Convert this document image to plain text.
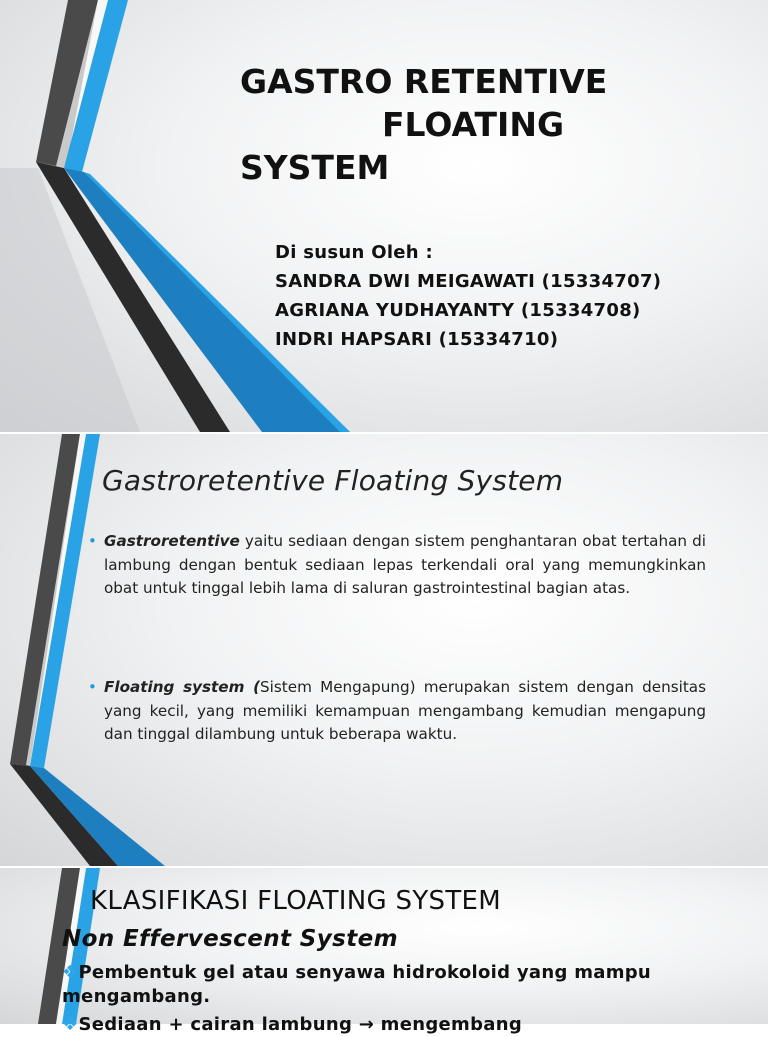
GASTRO RETENTIVE
FLOATING
SYSTEM
Di susun Oleh :
SANDRA DWI MEIGAWATI (15334707)
AGRIANA YUDHAYANTY (15334708)
INDRI HAPSARI (15334710)
Gastroretentive Floating System
• Gastroretentive yaitu sediaan dengan sistem penghantaran obat tertahan di lambung dengan bentuk sediaan lepas terkendali oral yang memungkinkan obat untuk tinggal lebih lama di saluran gastrointestinal bagian atas.
• Floating system (Sistem Mengapung) merupakan sistem dengan densitas yang kecil, yang memiliki kemampuan mengambang kemudian mengapung dan tinggal dilambung untuk beberapa waktu.
KLASIFIKASI FLOATING SYSTEM
Non Effervescent System
❖Pembentuk gel atau senyawa hidrokoloid yang mampu mengambang.
❖Sediaan + cairan lambung → mengembang
